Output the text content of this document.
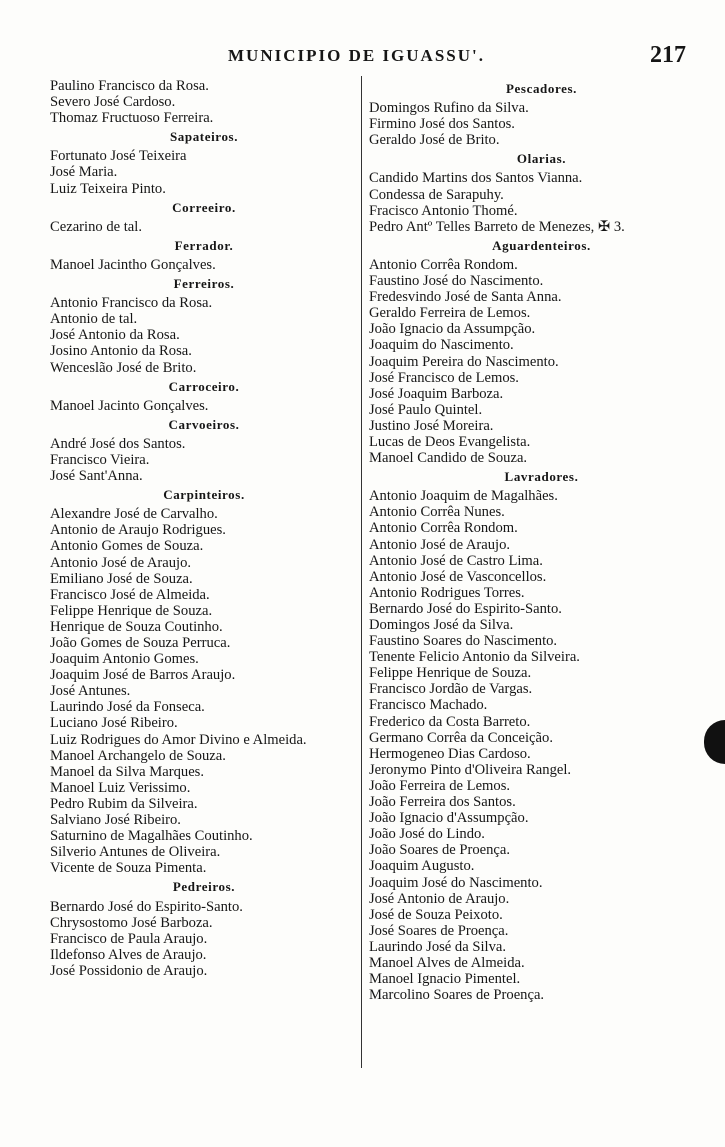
MUNICIPIO DE IGUASSU'.	217
Paulino Francisco da Rosa.
Severo José Cardoso.
Thomaz Fructuoso Ferreira.
Sapateiros.
Fortunato José Teixeira
José Maria.
Luiz Teixeira Pinto.
Correeiro.
Cezarino de tal.
Ferrador.
Manoel Jacintho Gonçalves.
Ferreiros.
Antonio Francisco da Rosa.
Antonio de tal.
José Antonio da Rosa.
Josino Antonio da Rosa.
Wenceslão José de Brito.
Carroceiro.
Manoel Jacinto Gonçalves.
Carvoeiros.
André José dos Santos.
Francisco Vieira.
José Sant'Anna.
Carpinteiros.
Alexandre José de Carvalho.
Antonio de Araujo Rodrigues.
Antonio Gomes de Souza.
Antonio José de Araujo.
Emiliano José de Souza.
Francisco José de Almeida.
Felippe Henrique de Souza.
Henrique de Souza Coutinho.
João Gomes de Souza Perruca.
Joaquim Antonio Gomes.
Joaquim José de Barros Araujo.
José Antunes.
Laurindo José da Fonseca.
Luciano José Ribeiro.
Luiz Rodrigues do Amor Divino e Almeida.
Manoel Archangelo de Souza.
Manoel da Silva Marques.
Manoel Luiz Verissimo.
Pedro Rubim da Silveira.
Salviano José Ribeiro.
Saturnino de Magalhães Coutinho.
Silverio Antunes de Oliveira.
Vicente de Souza Pimenta.
Pedreiros.
Bernardo José do Espirito-Santo.
Chrysostomo José Barboza.
Francisco de Paula Araujo.
Ildefonso Alves de Araujo.
José Possidonio de Araujo.
Pescadores.
Domingos Rufino da Silva.
Firmino José dos Santos.
Geraldo José de Brito.
Olarias.
Candido Martins dos Santos Vianna.
Condessa de Sarapuhy.
Fracisco Antonio Thomé.
Pedro Antº Telles Barreto de Menezes, ✠ 3.
Aguardenteiros.
Antonio Corrêa Rondom.
Faustino José do Nascimento.
Fredesvindo José de Santa Anna.
Geraldo Ferreira de Lemos.
João Ignacio da Assumpção.
Joaquim do Nascimento.
Joaquim Pereira do Nascimento.
José Francisco de Lemos.
José Joaquim Barboza.
José Paulo Quintel.
Justino José Moreira.
Lucas de Deos Evangelista.
Manoel Candido de Souza.
Lavradores.
Antonio Joaquim de Magalhães.
Antonio Corrêa Nunes.
Antonio Corrêa Rondom.
Antonio José de Araujo.
Antonio José de Castro Lima.
Antonio José de Vasconcellos.
Antonio Rodrigues Torres.
Bernardo José do Espirito-Santo.
Domingos José da Silva.
Faustino Soares do Nascimento.
Tenente Felicio Antonio da Silveira.
Felippe Henrique de Souza.
Francisco Jordão de Vargas.
Francisco Machado.
Frederico da Costa Barreto.
Germano Corrêa da Conceição.
Hermogeneo Dias Cardoso.
Jeronymo Pinto d'Oliveira Rangel.
João Ferreira de Lemos.
João Ferreira dos Santos.
João Ignacio d'Assumpção.
João José do Lindo.
João Soares de Proença.
Joaquim Augusto.
Joaquim José do Nascimento.
José Antonio de Araujo.
José de Souza Peixoto.
José Soares de Proença.
Laurindo José da Silva.
Manoel Alves de Almeida.
Manoel Ignacio Pimentel.
Marcolino Soares de Proença.
